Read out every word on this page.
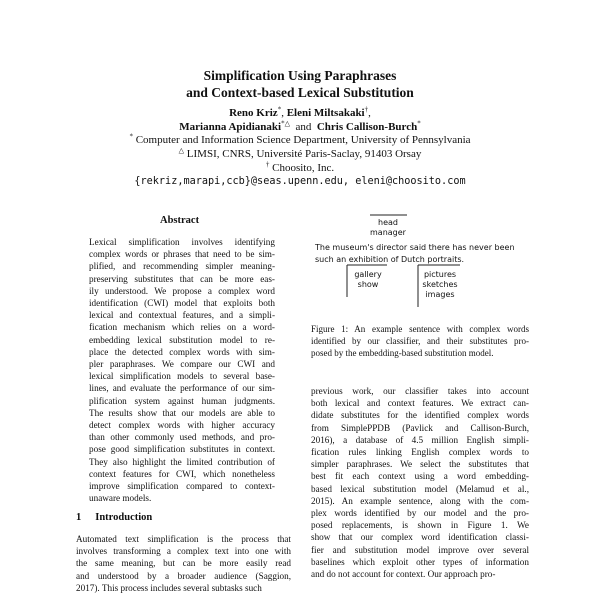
Simplification Using Paraphrases
and Context-based Lexical Substitution
Reno Kriz*, Eleni Miltsakaki†,
Marianna Apidianaki*△ and Chris Callison-Burch*
* Computer and Information Science Department, University of Pennsylvania
△ LIMSI, CNRS, Université Paris-Saclay, 91403 Orsay
† Choosito, Inc.
{rekriz,marapi,ccb}@seas.upenn.edu, eleni@choosito.com
Abstract
Lexical simplification involves identifying
complex words or phrases that need to be sim-
plified, and recommending simpler meaning-
preserving substitutes that can be more eas-
ily understood. We propose a complex word
identification (CWI) model that exploits both
lexical and contextual features, and a simpli-
fication mechanism which relies on a word-
embedding lexical substitution model to re-
place the detected complex words with sim-
pler paraphrases. We compare our CWI and
lexical simplification models to several base-
lines, and evaluate the performance of our sim-
plification system against human judgments.
The results show that our models are able to
detect complex words with higher accuracy
than other commonly used methods, and pro-
pose good simplification substitutes in context.
They also highlight the limited contribution of
context features for CWI, which nonetheless
improve simplification compared to context-
unaware models.
1 Introduction
Automated text simplification is the process that
involves transforming a complex text into one with
the same meaning, but can be more easily read
and understood by a broader audience (Saggion,
2017). This process includes several subtasks such
head
manager
The museum's director said there has never been
such an exhibition of Dutch portraits.
gallery
show
pictures
sketches
images
Figure 1: An example sentence with complex words
identified by our classifier, and their substitutes pro-
posed by the embedding-based substitution model.
previous work, our classifier takes into account
both lexical and context features. We extract can-
didate substitutes for the identified complex words
from SimplePPDB (Pavlick and Callison-Burch,
2016), a database of 4.5 million English simpli-
fication rules linking English complex words to
simpler paraphrases. We select the substitutes that
best fit each context using a word embedding-
based lexical substitution model (Melamud et al.,
2015). An example sentence, along with the com-
plex words identified by our model and the pro-
posed replacements, is shown in Figure 1. We
show that our complex word identification classi-
fier and substitution model improve over several
baselines which exploit other types of information
and do not account for context. Our approach pro-
